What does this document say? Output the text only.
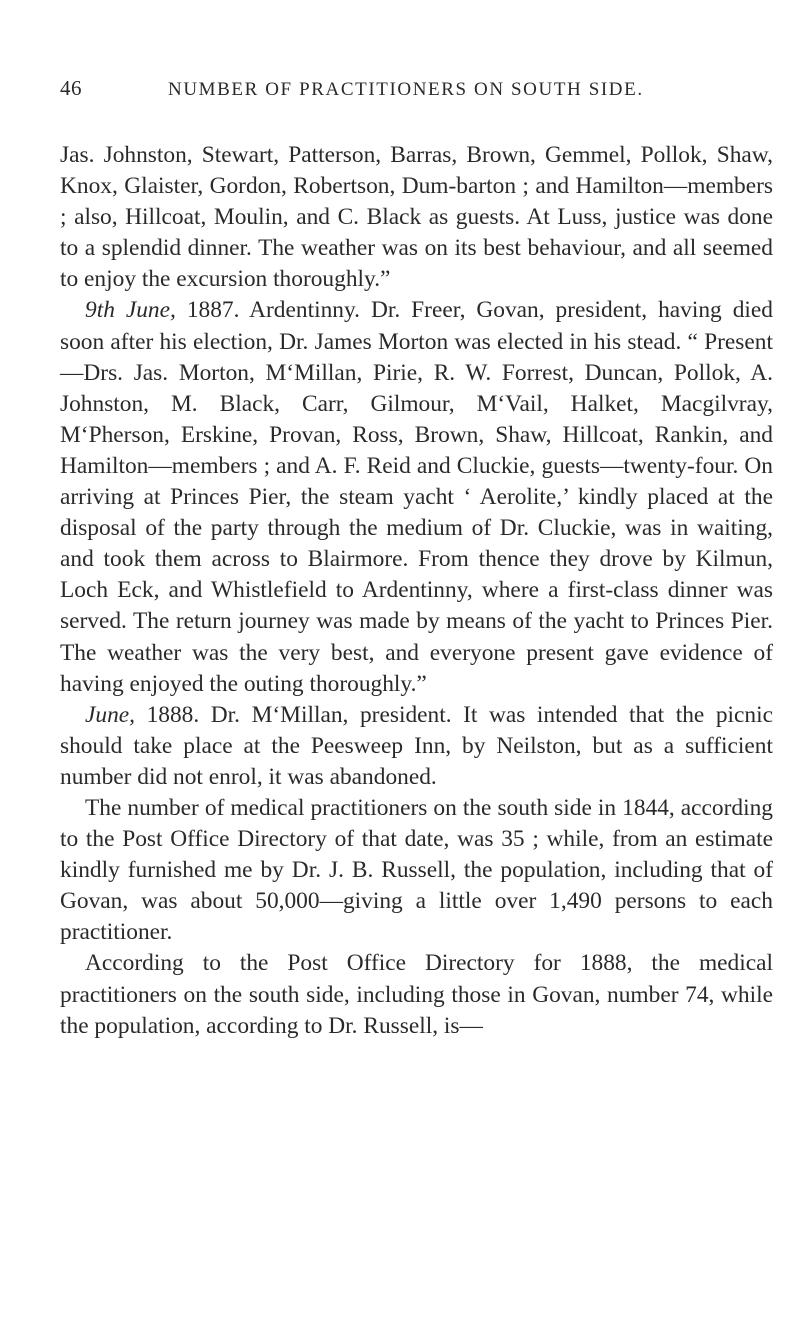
46	NUMBER OF PRACTITIONERS ON SOUTH SIDE.

Jas. Johnston, Stewart, Patterson, Barras, Brown, Gemmel, Pollok, Shaw, Knox, Glaister, Gordon, Robertson, Dum-barton ; and Hamilton—members ; also, Hillcoat, Moulin, and C. Black as guests. At Luss, justice was done to a splendid dinner. The weather was on its best behaviour, and all seemed to enjoy the excursion thoroughly.”

9th June, 1887. Ardentinny. Dr. Freer, Govan, president, having died soon after his election, Dr. James Morton was elected in his stead. “ Present—Drs. Jas. Morton, M‘Millan, Pirie, R. W. Forrest, Duncan, Pollok, A. Johnston, M. Black, Carr, Gilmour, M‘Vail, Halket, Macgilvray, M‘Pherson, Erskine, Provan, Ross, Brown, Shaw, Hillcoat, Rankin, and Hamilton—members ; and A. F. Reid and Cluckie, guests—twenty-four. On arriving at Princes Pier, the steam yacht ‘ Aerolite,’ kindly placed at the disposal of the party through the medium of Dr. Cluckie, was in waiting, and took them across to Blairmore. From thence they drove by Kilmun, Loch Eck, and Whistlefield to Ardentinny, where a first-class dinner was served. The return journey was made by means of the yacht to Princes Pier. The weather was the very best, and everyone present gave evidence of having enjoyed the outing thoroughly.”

June, 1888. Dr. M‘Millan, president. It was intended that the picnic should take place at the Peesweep Inn, by Neilston, but as a sufficient number did not enrol, it was abandoned.

The number of medical practitioners on the south side in 1844, according to the Post Office Directory of that date, was 35 ; while, from an estimate kindly furnished me by Dr. J. B. Russell, the population, including that of Govan, was about 50,000—giving a little over 1,490 persons to each practitioner.

According to the Post Office Directory for 1888, the medical practitioners on the south side, including those in Govan, number 74, while the population, according to Dr. Russell, is—
